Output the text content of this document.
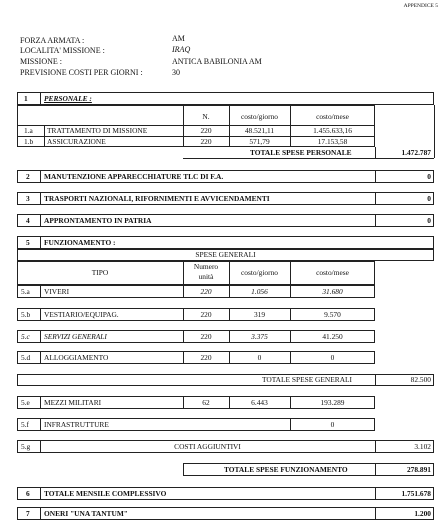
APPENDICE 5
FORZA ARMATA :	AM
LOCALITA' MISSIONE :	IRAQ
MISSIONE :	ANTICA BABILONIA AM
PREVISIONE COSTI PER GIORNI :	30
1 PERSONALE :
N.	costo/giorno	costo/mese
1.a TRATTAMENTO DI MISSIONE	220	48.521,11	1.455.633,16
1.b ASSICURAZIONE	220	571,79	17.153,58
TOTALE SPESE PERSONALE	1.472.787
2 MANUTENZIONE APPARECCHIATURE TLC DI F.A.	0
3 TRASPORTI NAZIONALI, RIFORNIMENTI E AVVICENDAMENTI	0
4 APPRONTAMENTO IN PATRIA	0
5 FUNZIONAMENTO :
SPESE GENERALI
TIPO
Numero
unità	costo/giorno	costo/mese
5.a VIVERI	220	1.056	31.680
5.b VESTIARIO/EQUIPAG.	220	319	9.570
5.c SERVIZI GENERALI	220	3.375	41.250
5.d ALLOGGIAMENTO	220	0	0
TOTALE SPESE GENERALI	82.500
5.e MEZZI MILITARI	62	6.443	193.289
5.f INFRASTRUTTURE	0
5.g	COSTI AGGIUNTIVI	3.102
TOTALE SPESE FUNZIONAMENTO	278.891
6 TOTALE MENSILE COMPLESSIVO	1.751.678
7 ONERI "UNA TANTUM"	1.200
